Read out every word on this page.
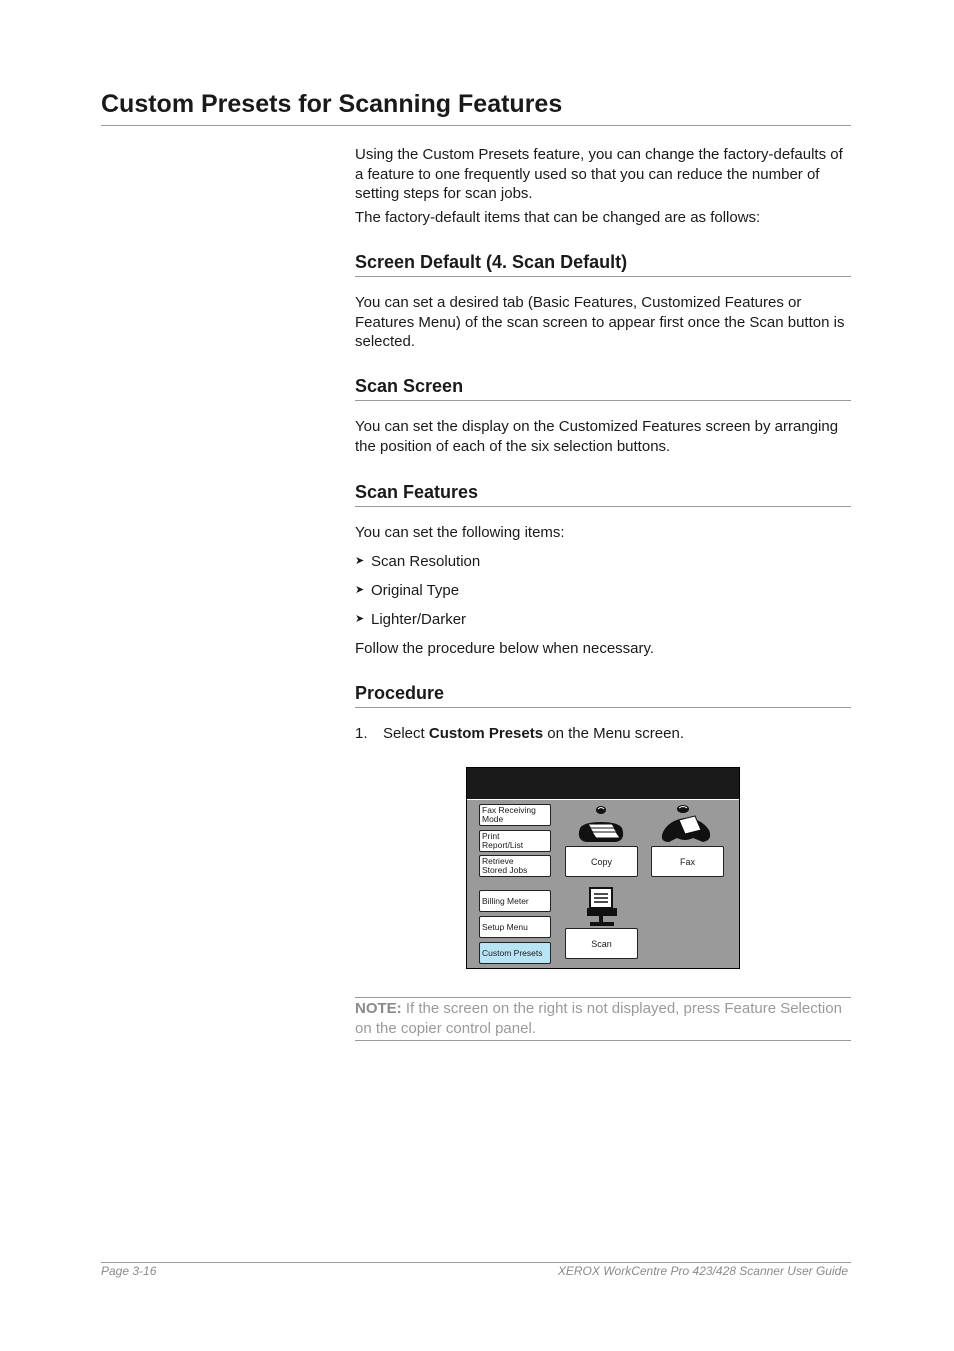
Custom Presets for Scanning Features

Using the Custom Presets feature, you can change the factory-defaults of a feature to one frequently used so that you can reduce the number of setting steps for scan jobs.

The factory-default items that can be changed are as follows:

Screen Default (4. Scan Default)

You can set a desired tab (Basic Features, Customized Features or Features Menu) of the scan screen to appear first once the Scan button is selected.

Scan Screen

You can set the display on the Customized Features screen by arranging the position of each of the six selection buttons.

Scan Features

You can set the following items:

➤ Scan Resolution
➤ Original Type
➤ Lighter/Darker

Follow the procedure below when necessary.

Procedure
1. Select Custom Presets on the Menu screen.
Fax Receiving
Mode
Print
Report/List
Retrieve
Stored Jobs
Billing Meter
Setup Menu
Custom Presets
Copy	Fax
Scan
NOTE: If the screen on the right is not displayed, press Feature Selection on the copier control panel.
Page 3-16	XEROX WorkCentre Pro 423/428 Scanner User Guide
